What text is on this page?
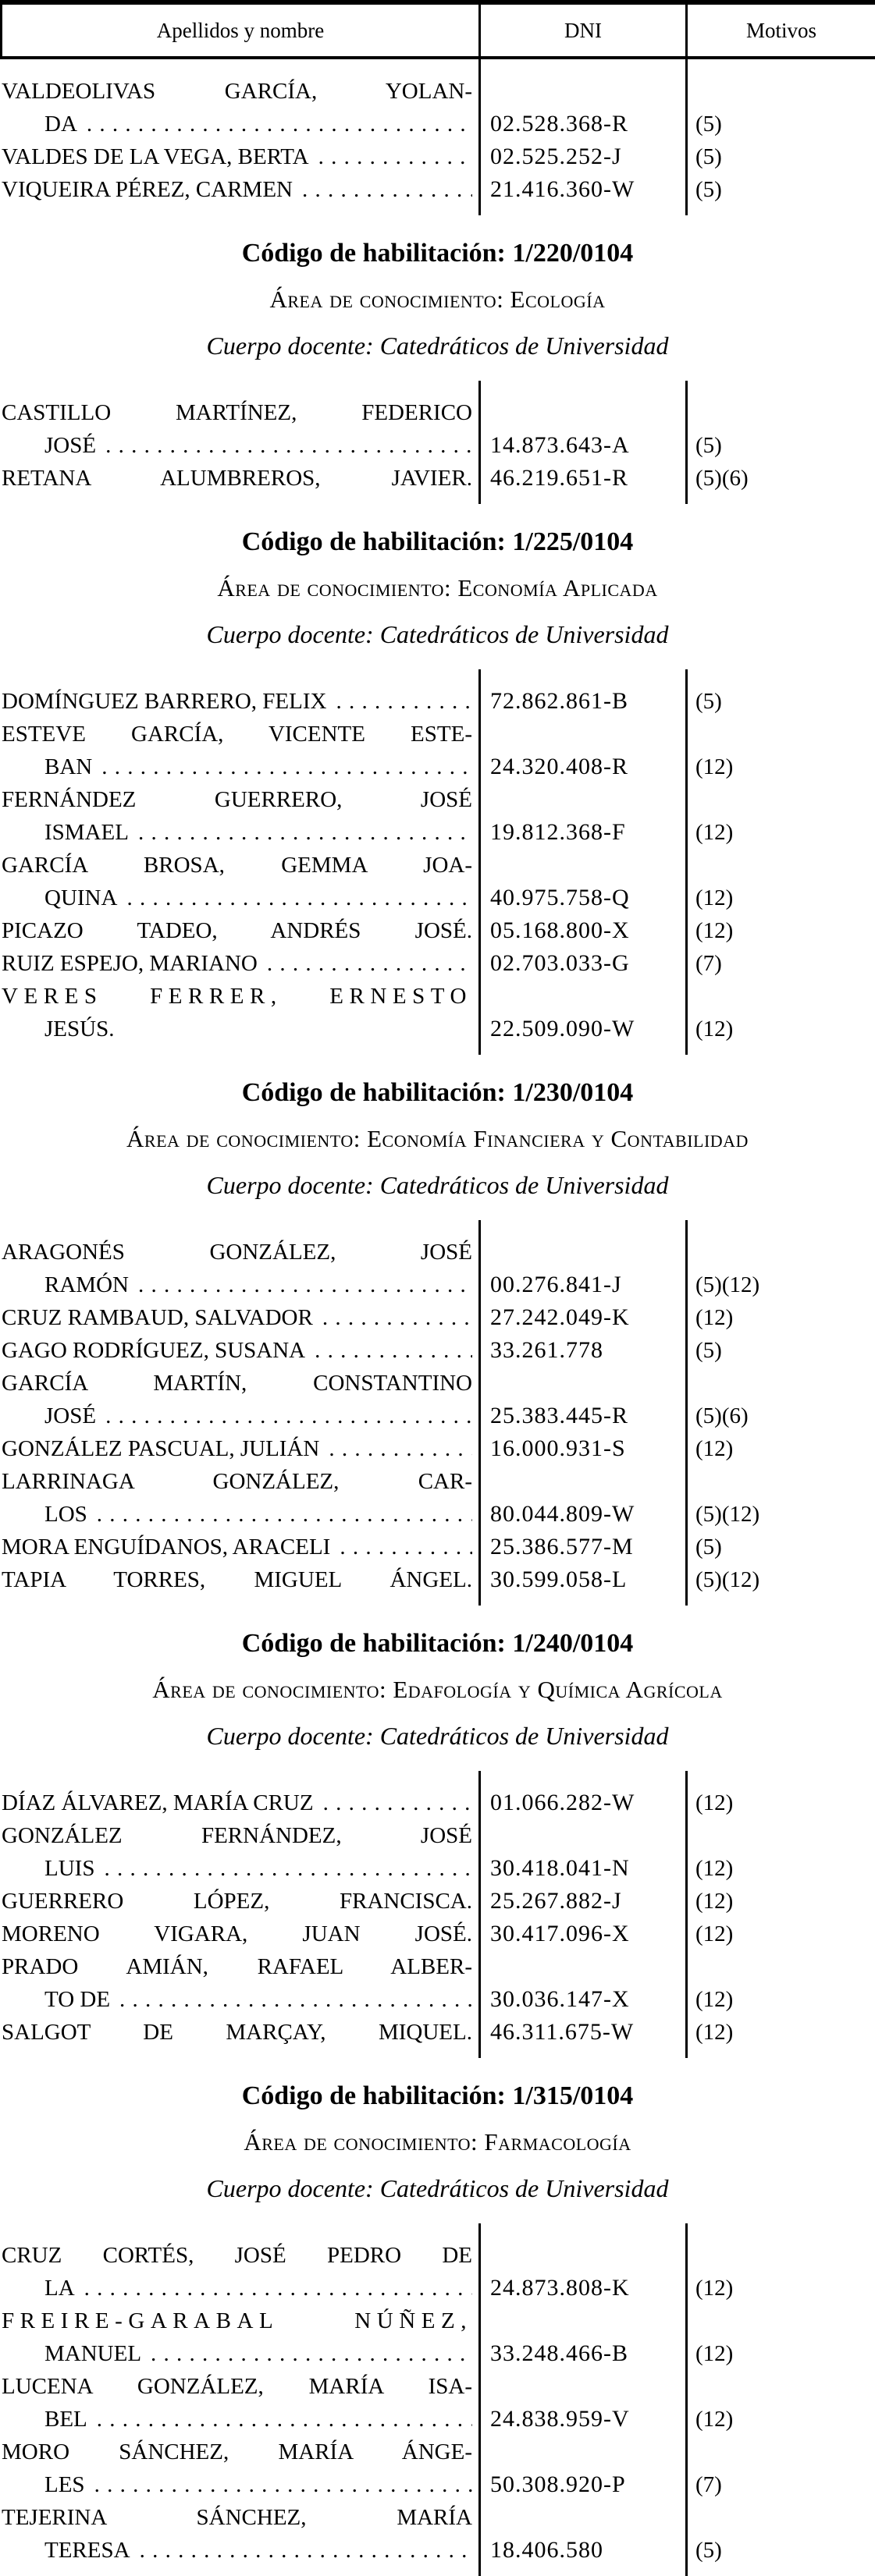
Apellidos y nombre	DNI	Motivos
VALDEOLIVAS GARCÍA, YOLAN-
DA . . .	02.528.368-R	(5)
VALDES DE LA VEGA, BERTA . . .	02.525.252-J	(5)
VIQUEIRA PÉREZ, CARMEN . . .	21.416.360-W	(5)
Código de habilitación: 1/220/0104
Área de conocimiento: Ecología
Cuerpo docente: Catedráticos de Universidad
CASTILLO MARTÍNEZ, FEDERICO
JOSÉ . . .	14.873.643-A	(5)
RETANA ALUMBREROS, JAVIER. 46.219.651-R	(5)(6)
Código de habilitación: 1/225/0104
Área de conocimiento: Economía Aplicada
Cuerpo docente: Catedráticos de Universidad
DOMÍNGUEZ BARRERO, FELIX . . .	72.862.861-B	(5)
ESTEVE GARCÍA, VICENTE ESTE-
BAN . . .	24.320.408-R	(12)
FERNÁNDEZ GUERRERO, JOSÉ
ISMAEL . . .	19.812.368-F	(12)
GARCÍA BROSA, GEMMA JOA-
QUINA . . .	40.975.758-Q	(12)
PICAZO TADEO, ANDRÉS JOSÉ. 05.168.800-X	(12)
RUIZ ESPEJO, MARIANO . . .	02.703.033-G	(7)
VERES FERRER, ERNESTO
JESÚS.	22.509.090-W	(12)
Código de habilitación: 1/230/0104
Área de conocimiento: Economía Financiera y Contabilidad
Cuerpo docente: Catedráticos de Universidad
ARAGONÉS GONZÁLEZ, JOSÉ
RAMÓN . . .	00.276.841-J	(5)(12)
CRUZ RAMBAUD, SALVADOR . . .	27.242.049-K	(12)
GAGO RODRÍGUEZ, SUSANA . . .	33.261.778	(5)
GARCÍA MARTÍN, CONSTANTINO
JOSÉ . . .	25.383.445-R	(5)(6)
GONZÁLEZ PASCUAL, JULIÁN . . .	16.000.931-S	(12)
LARRINAGA GONZÁLEZ, CAR-
LOS . . .	80.044.809-W	(5)(12)
MORA ENGUÍDANOS, ARACELI . . .	25.386.577-M	(5)
TAPIA TORRES, MIGUEL ÁNGEL. 30.599.058-L	(5)(12)
Código de habilitación: 1/240/0104
Área de conocimiento: Edafología y Química Agrícola
Cuerpo docente: Catedráticos de Universidad
DÍAZ ÁLVAREZ, MARÍA CRUZ . . .	01.066.282-W	(12)
GONZÁLEZ FERNÁNDEZ, JOSÉ
LUIS . . .	30.418.041-N	(12)
GUERRERO LÓPEZ, FRANCISCA. 25.267.882-J	(12)
MORENO VIGARA, JUAN JOSÉ. 30.417.096-X	(12)
PRADO AMIÁN, RAFAEL ALBER-
TO DE . . .	30.036.147-X	(12)
SALGOT DE MARÇAY, MIQUEL. 46.311.675-W	(12)
Código de habilitación: 1/315/0104
Área de conocimiento: Farmacología
Cuerpo docente: Catedráticos de Universidad
CRUZ CORTÉS, JOSÉ PEDRO DE
LA . . .	24.873.808-K	(12)
FREIRE-GARABAL NÚÑEZ,
MANUEL . . .	33.248.466-B	(12)
LUCENA GONZÁLEZ, MARÍA ISA-
BEL . . .	24.838.959-V	(12)
MORO SÁNCHEZ, MARÍA ÁNGE-
LES . . .	50.308.920-P	(7)
TEJERINA SÁNCHEZ, MARÍA
TERESA . . .	18.406.580	(5)
